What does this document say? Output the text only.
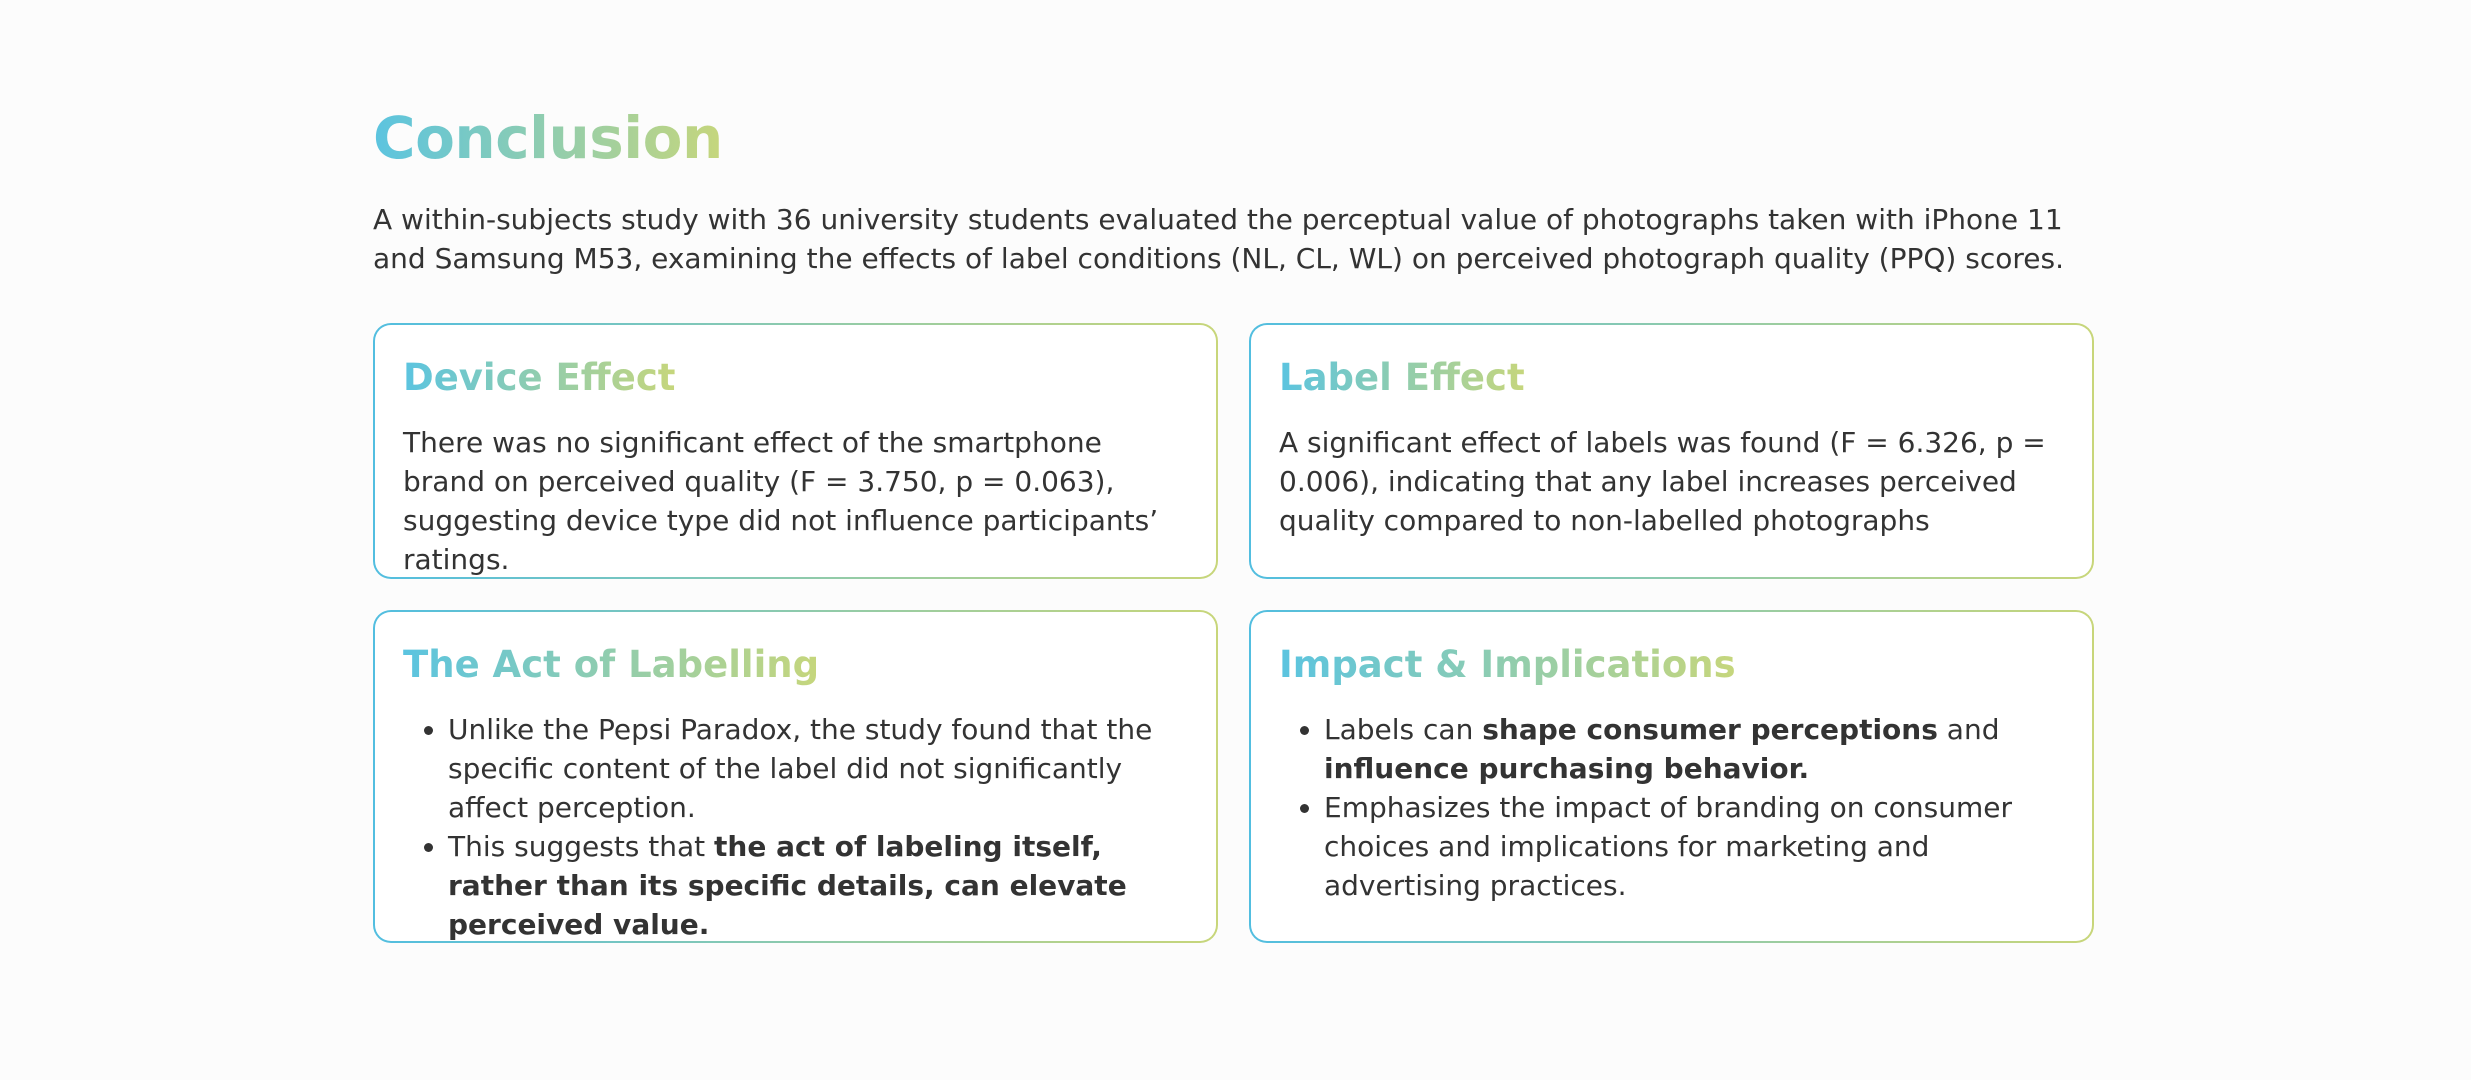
Conclusion
A within-subjects study with 36 university students evaluated the perceptual value of photographs taken with iPhone 11 and Samsung M53, examining the effects of label conditions (NL, CL, WL) on perceived photograph quality (PPQ) scores.
Device Effect
There was no significant effect of the smartphone brand on perceived quality (F = 3.750, p = 0.063), suggesting device type did not influence participants’ ratings.
Label Effect
A significant effect of labels was found (F = 6.326, p = 0.006), indicating that any label increases perceived quality compared to non-labelled photographs
The Act of Labelling
• Unlike the Pepsi Paradox, the study found that the specific content of the label did not significantly affect perception.
• This suggests that the act of labeling itself, rather than its specific details, can elevate perceived value.
Impact & Implications
• Labels can shape consumer perceptions and influence purchasing behavior.
• Emphasizes the impact of branding on consumer choices and implications for marketing and advertising practices.
